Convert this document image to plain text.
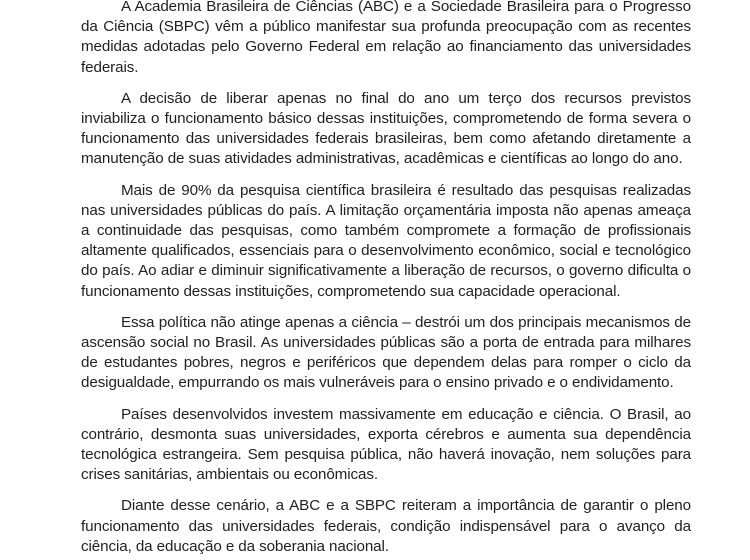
A Academia Brasileira de Ciências (ABC) e a Sociedade Brasileira para o Progresso da Ciência (SBPC) vêm a público manifestar sua profunda preocupação com as recentes medidas adotadas pelo Governo Federal em relação ao financiamento das universidades federais.

A decisão de liberar apenas no final do ano um terço dos recursos previstos inviabiliza o funcionamento básico dessas instituições, comprometendo de forma severa o funcionamento das universidades federais brasileiras, bem como afetando diretamente a manutenção de suas atividades administrativas, acadêmicas e científicas ao longo do ano.

Mais de 90% da pesquisa científica brasileira é resultado das pesquisas realizadas nas universidades públicas do país. A limitação orçamentária imposta não apenas ameaça a continuidade das pesquisas, como também compromete a formação de profissionais altamente qualificados, essenciais para o desenvolvimento econômico, social e tecnológico do país. Ao adiar e diminuir significativamente a liberação de recursos, o governo dificulta o funcionamento dessas instituições, comprometendo sua capacidade operacional.

Essa política não atinge apenas a ciência – destrói um dos principais mecanismos de ascensão social no Brasil. As universidades públicas são a porta de entrada para milhares de estudantes pobres, negros e periféricos que dependem delas para romper o ciclo da desigualdade, empurrando os mais vulneráveis para o ensino privado e o endividamento.

Países desenvolvidos investem massivamente em educação e ciência. O Brasil, ao contrário, desmonta suas universidades, exporta cérebros e aumenta sua dependência tecnológica estrangeira. Sem pesquisa pública, não haverá inovação, nem soluções para crises sanitárias, ambientais ou econômicas.

Diante desse cenário, a ABC e a SBPC reiteram a importância de garantir o pleno funcionamento das universidades federais, condição indispensável para o avanço da ciência, da educação e da soberania nacional.
